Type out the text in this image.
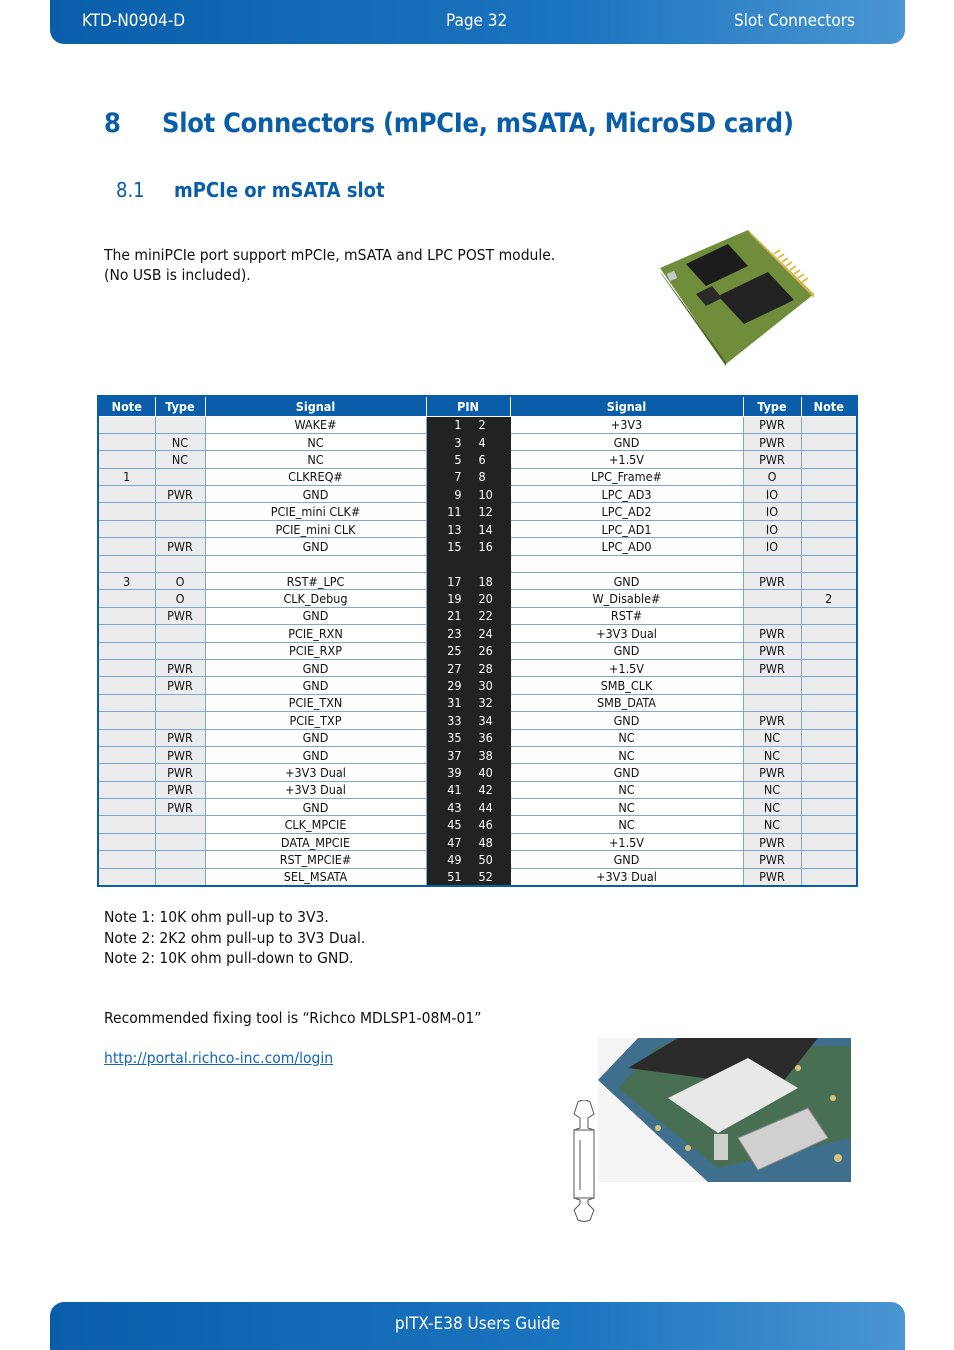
KTD-N0904-D	Page 32	Slot Connectors
8 Slot Connectors (mPCIe, mSATA, MicroSD card)
8.1 mPCIe or mSATA slot
The miniPCIe port support mPCIe, mSATA and LPC POST module.
(No USB is included).
Note	Type	Signal	PIN		Signal	Type	Note
		WAKE#	1	2	+3V3	PWR	
	NC	NC	3	4	GND	PWR	
	NC	NC	5	6	+1.5V	PWR	
1		CLKREQ#	7	8	LPC_Frame#	O	
	PWR	GND	9	10	LPC_AD3	IO	
		PCIE_mini CLK#	11	12	LPC_AD2	IO	
		PCIE_mini CLK	13	14	LPC_AD1	IO	
	PWR	GND	15	16	LPC_AD0	IO	

3	O	RST#_LPC	17	18	GND	PWR	
	O	CLK_Debug	19	20	W_Disable#		2
	PWR	GND	21	22	RST#		
		PCIE_RXN	23	24	+3V3 Dual	PWR	
		PCIE_RXP	25	26	GND	PWR	
	PWR	GND	27	28	+1.5V	PWR	
	PWR	GND	29	30	SMB_CLK		
		PCIE_TXN	31	32	SMB_DATA		
		PCIE_TXP	33	34	GND	PWR	
	PWR	GND	35	36	NC	NC	
	PWR	GND	37	38	NC	NC	
	PWR	+3V3 Dual	39	40	GND	PWR	
	PWR	+3V3 Dual	41	42	NC	NC	
	PWR	GND	43	44	NC	NC	
		CLK_MPCIE	45	46	NC	NC	
		DATA_MPCIE	47	48	+1.5V	PWR	
		RST_MPCIE#	49	50	GND	PWR	
		SEL_MSATA	51	52	+3V3 Dual	PWR	
Note 1: 10K ohm pull-up to 3V3.
Note 2: 2K2 ohm pull-up to 3V3 Dual.
Note 2: 10K ohm pull-down to GND.
Recommended fixing tool is “Richco MDLSP1-08M-01”
http://portal.richco-inc.com/login
pITX-E38 Users Guide
